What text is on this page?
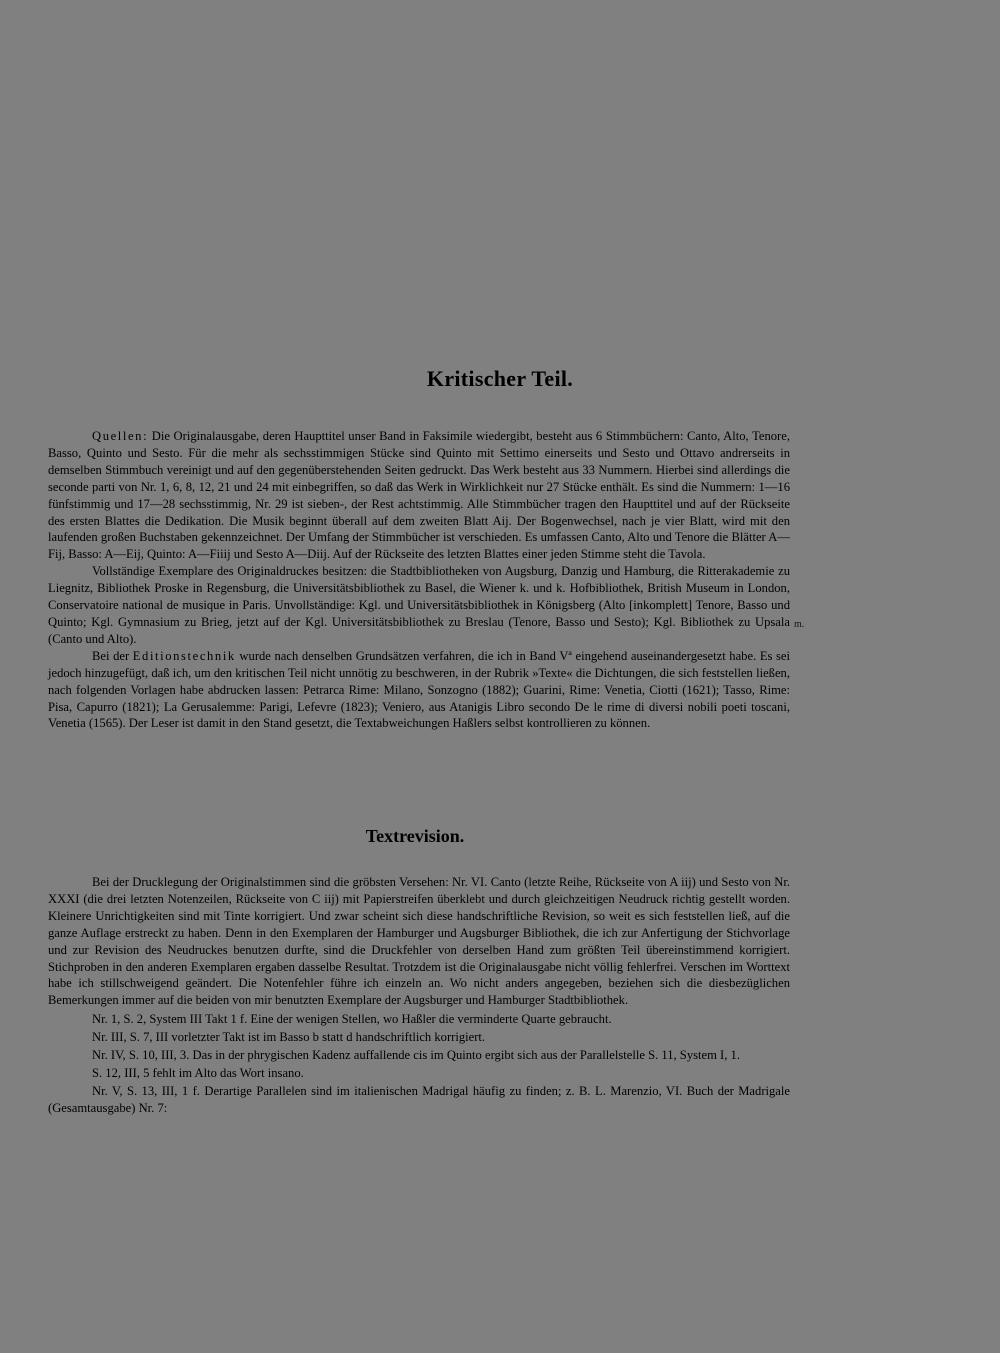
Kritischer Teil.

Quellen: Die Originalausgabe, deren Haupttitel unser Band in Faksimile wiedergibt, besteht aus 6 Stimmbüchern: Canto, Alto, Tenore, Basso, Quinto und Sesto. Für die mehr als sechsstimmigen Stücke sind Quinto mit Settimo einerseits und Sesto und Ottavo andrerseits in demselben Stimmbuch vereinigt und auf den gegenüberstehenden Seiten gedruckt. Das Werk besteht aus 33 Nummern. Hierbei sind allerdings die seconde parti von Nr. 1, 6, 8, 12, 21 und 24 mit einbegriffen, so daß das Werk in Wirklichkeit nur 27 Stücke enthält. Es sind die Nummern: 1—16 fünfstimmig und 17—28 sechsstimmig, Nr. 29 ist sieben-, der Rest achtstimmig. Alle Stimmbücher tragen den Haupttitel und auf der Rückseite des ersten Blattes die Dedikation. Die Musik beginnt überall auf dem zweiten Blatt Aij. Der Bogenwechsel, nach je vier Blatt, wird mit den laufenden großen Buchstaben gekennzeichnet. Der Umfang der Stimmbücher ist verschieden. Es umfassen Canto, Alto und Tenore die Blätter A—Fij, Basso: A—Eij, Quinto: A—Fiiij und Sesto A—Diij. Auf der Rückseite des letzten Blattes einer jeden Stimme steht die Tavola.

Vollständige Exemplare des Originaldruckes besitzen: die Stadtbibliotheken von Augsburg, Danzig und Hamburg, die Ritterakademie zu Liegnitz, Bibliothek Proske in Regensburg, die Universitätsbibliothek zu Basel, die Wiener k. und k. Hofbibliothek, British Museum in London, Conservatoire national de musique in Paris. Unvollständige: Kgl. und Universitätsbibliothek in Königsberg (Alto [inkomplett] Tenore, Basso und Quinto; Kgl. Gymnasium zu Brieg, jetzt auf der Kgl. Universitätsbibliothek zu Breslau (Tenore, Basso und Sesto); Kgl. Bibliothek zu Upsala (Canto und Alto).

Bei der Editionstechnik wurde nach denselben Grundsätzen verfahren, die ich in Band Vª eingehend auseinandergesetzt habe. Es sei jedoch hinzugefügt, daß ich, um den kritischen Teil nicht unnötig zu beschweren, in der Rubrik »Texte« die Dichtungen, die sich feststellen ließen, nach folgenden Vorlagen habe abdrucken lassen: Petrarca Rime: Milano, Sonzogno (1882); Guarini, Rime: Venetia, Ciotti (1621); Tasso, Rime: Pisa, Capurro (1821); La Gerusalemme: Parigi, Lefevre (1823); Veniero, aus Atanigis Libro secondo De le rime di diversi nobili poeti toscani, Venetia (1565). Der Leser ist damit in den Stand gesetzt, die Textabweichungen Haßlers selbst kontrollieren zu können.

m.
Textrevision.

Bei der Drucklegung der Originalstimmen sind die gröbsten Versehen: Nr. VI. Canto (letzte Reihe, Rückseite von A iij) und Sesto von Nr. XXXI (die drei letzten Notenzeilen, Rückseite von C iij) mit Papierstreifen überklebt und durch gleichzeitigen Neudruck richtig gestellt worden. Kleinere Unrichtigkeiten sind mit Tinte korrigiert. Und zwar scheint sich diese handschriftliche Revision, so weit es sich feststellen ließ, auf die ganze Auflage erstreckt zu haben. Denn in den Exemplaren der Hamburger und Augsburger Bibliothek, die ich zur Anfertigung der Stichvorlage und zur Revision des Neudruckes benutzen durfte, sind die Druckfehler von derselben Hand zum größten Teil übereinstimmend korrigiert. Stichproben in den anderen Exemplaren ergaben dasselbe Resultat. Trotzdem ist die Originalausgabe nicht völlig fehlerfrei. Verschen im Worttext habe ich stillschweigend geändert. Die Notenfehler führe ich einzeln an. Wo nicht anders angegeben, beziehen sich die diesbezüglichen Bemerkungen immer auf die beiden von mir benutzten Exemplare der Augsburger und Hamburger Stadtbibliothek.

Nr. 1, S. 2, System III Takt 1 f. Eine der wenigen Stellen, wo Haßler die verminderte Quarte gebraucht.

Nr. III, S. 7, III vorletzter Takt ist im Basso b statt d handschriftlich korrigiert.

Nr. IV, S. 10, III, 3. Das in der phrygischen Kadenz auffallende cis im Quinto ergibt sich aus der Parallelstelle S. 11, System I, 1.

S. 12, III, 5 fehlt im Alto das Wort insano.

Nr. V, S. 13, III, 1 f. Derartige Parallelen sind im italienischen Madrigal häufig zu finden; z. B. L. Marenzio, VI. Buch der Madrigale (Gesamtausgabe) Nr. 7:
